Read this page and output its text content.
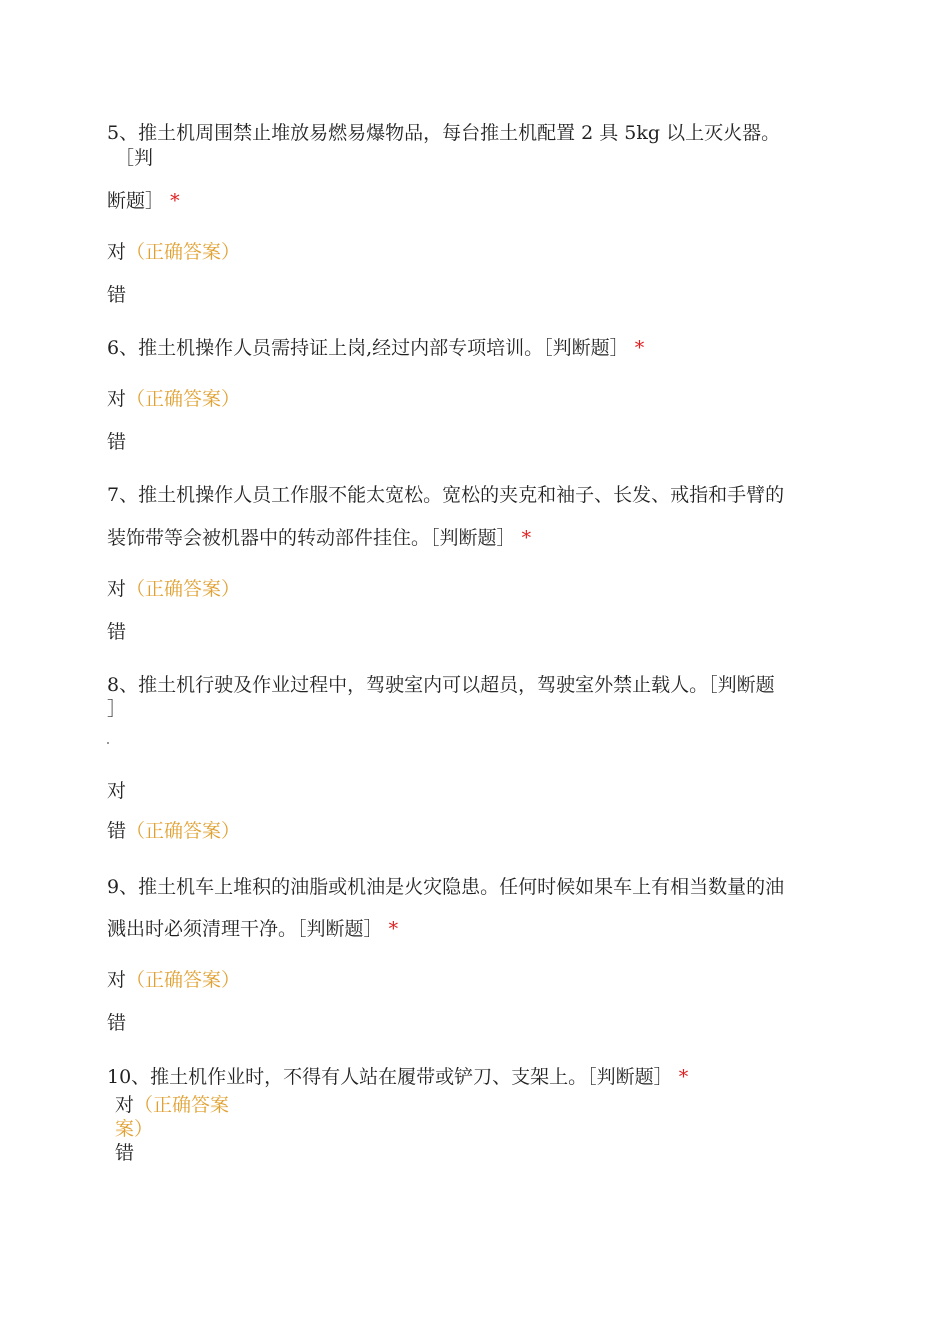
5、推土机周围禁止堆放易燃易爆物品，每台推土机配置 2 具 5kg 以上灭火器。
［判
断题］ *
对（正确答案）
错
6、推土机操作人员需持证上岗,经过内部专项培训。［判断题］ *
对（正确答案）
错
7、推土机操作人员工作服不能太宽松。宽松的夹克和袖子、长发、戒指和手臂的
装饰带等会被机器中的转动部件挂住。［判断题］ *
对（正确答案）
错
8、推土机行驶及作业过程中，驾驶室内可以超员，驾驶室外禁止载人。［判断题
］
对
错（正确答案）
9、推土机车上堆积的油脂或机油是火灾隐患。任何时候如果车上有相当数量的油
溅出时必须清理干净。［判断题］ *
对（正确答案）
错
10、推土机作业时，不得有人站在履带或铲刀、支架上。［判断题］ *
对（正确答案
案）
错
